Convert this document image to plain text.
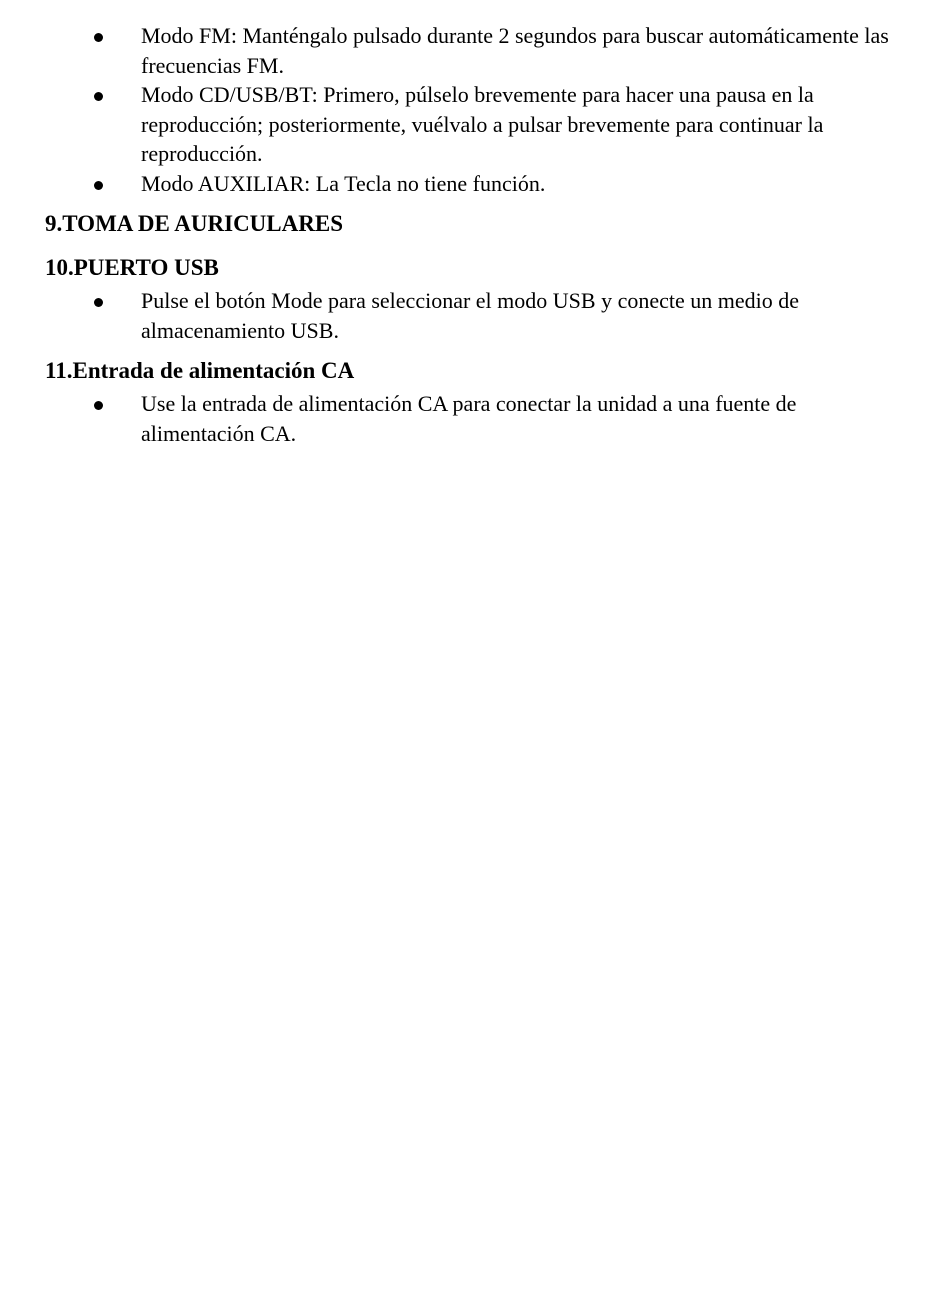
Modo FM: Manténgalo pulsado durante 2 segundos para buscar automáticamente las frecuencias FM.
Modo CD/USB/BT: Primero, púlselo brevemente para hacer una pausa en la reproducción; posteriormente, vuélvalo a pulsar brevemente para continuar la reproducción.
Modo AUXILIAR: La Tecla no tiene función.
9.TOMA DE AURICULARES
10.PUERTO USB
Pulse el botón Mode para seleccionar el modo USB y conecte un medio de almacenamiento USB.
11.Entrada de alimentación CA
Use la entrada de alimentación CA para conectar la unidad a una fuente de alimentación CA.
